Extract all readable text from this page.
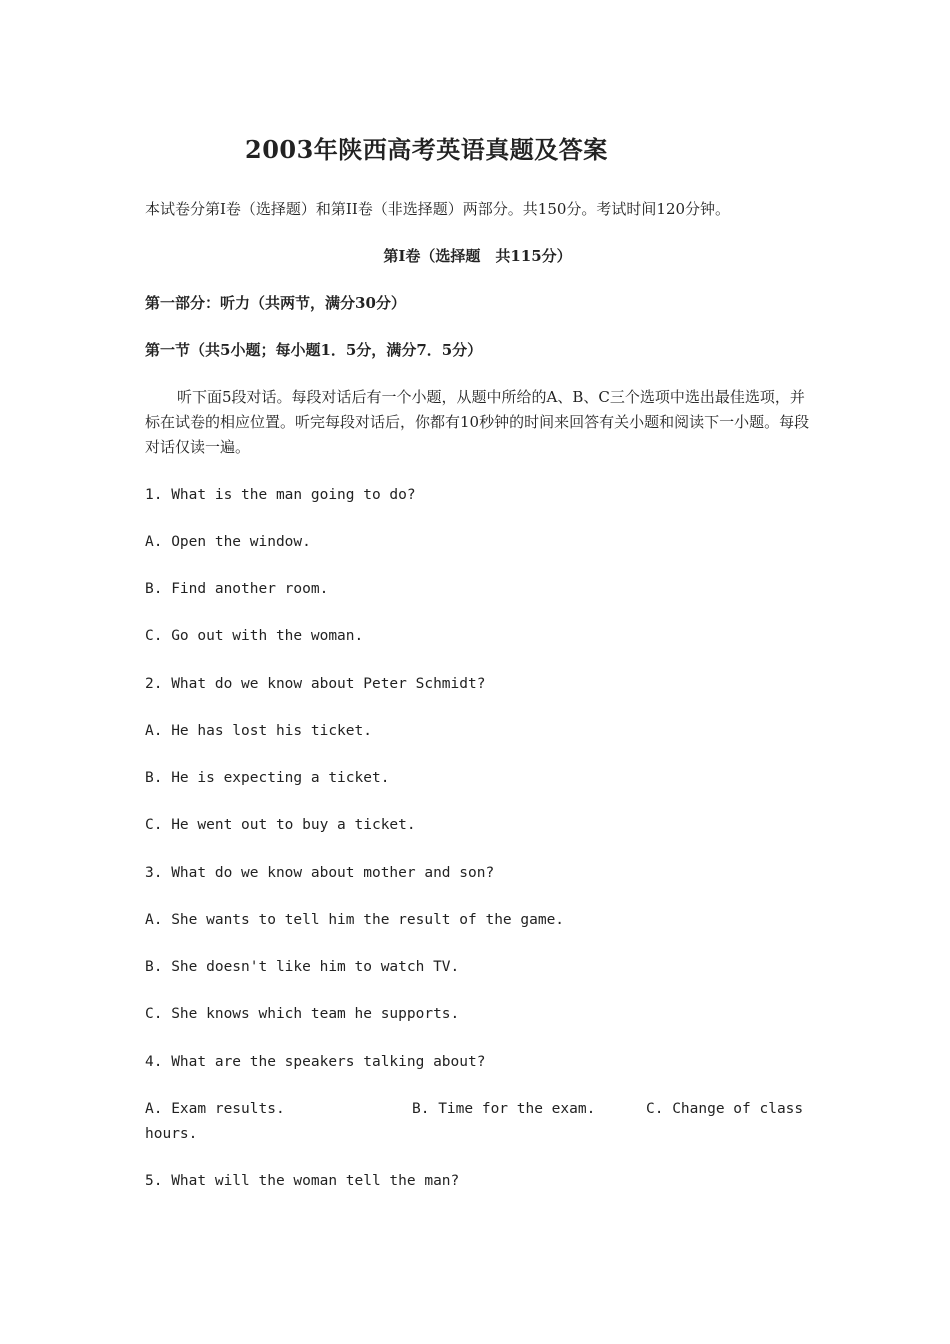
2003年陕西高考英语真题及答案
本试卷分第I卷（选择题）和第II卷（非选择题）两部分。共150分。考试时间120分钟。
第I卷（选择题　共115分）
第一部分：听力（共两节，满分30分）
第一节（共5小题；每小题1．5分，满分7．5分）
听下面5段对话。每段对话后有一个小题，从题中所给的A、B、C三个选项中选出最佳选项，并标在试卷的相应位置。听完每段对话后，你都有10秒钟的时间来回答有关小题和阅读下一小题。每段对话仅读一遍。
1. What is the man going to do?
A. Open the window.
B. Find another room.
C. Go out with the woman.
2. What do we know about Peter Schmidt?
A. He has lost his ticket.
B. He is expecting a ticket.
C. He went out to buy a ticket.
3. What do we know about mother and son?
A. She wants to tell him the result of the game.
B. She doesn't like him to watch TV.
C. She knows which team he supports.
4. What are the speakers talking about?
A. Exam results.	B. Time for the exam.	C. Change of class
hours.
5. What will the woman tell the man?
